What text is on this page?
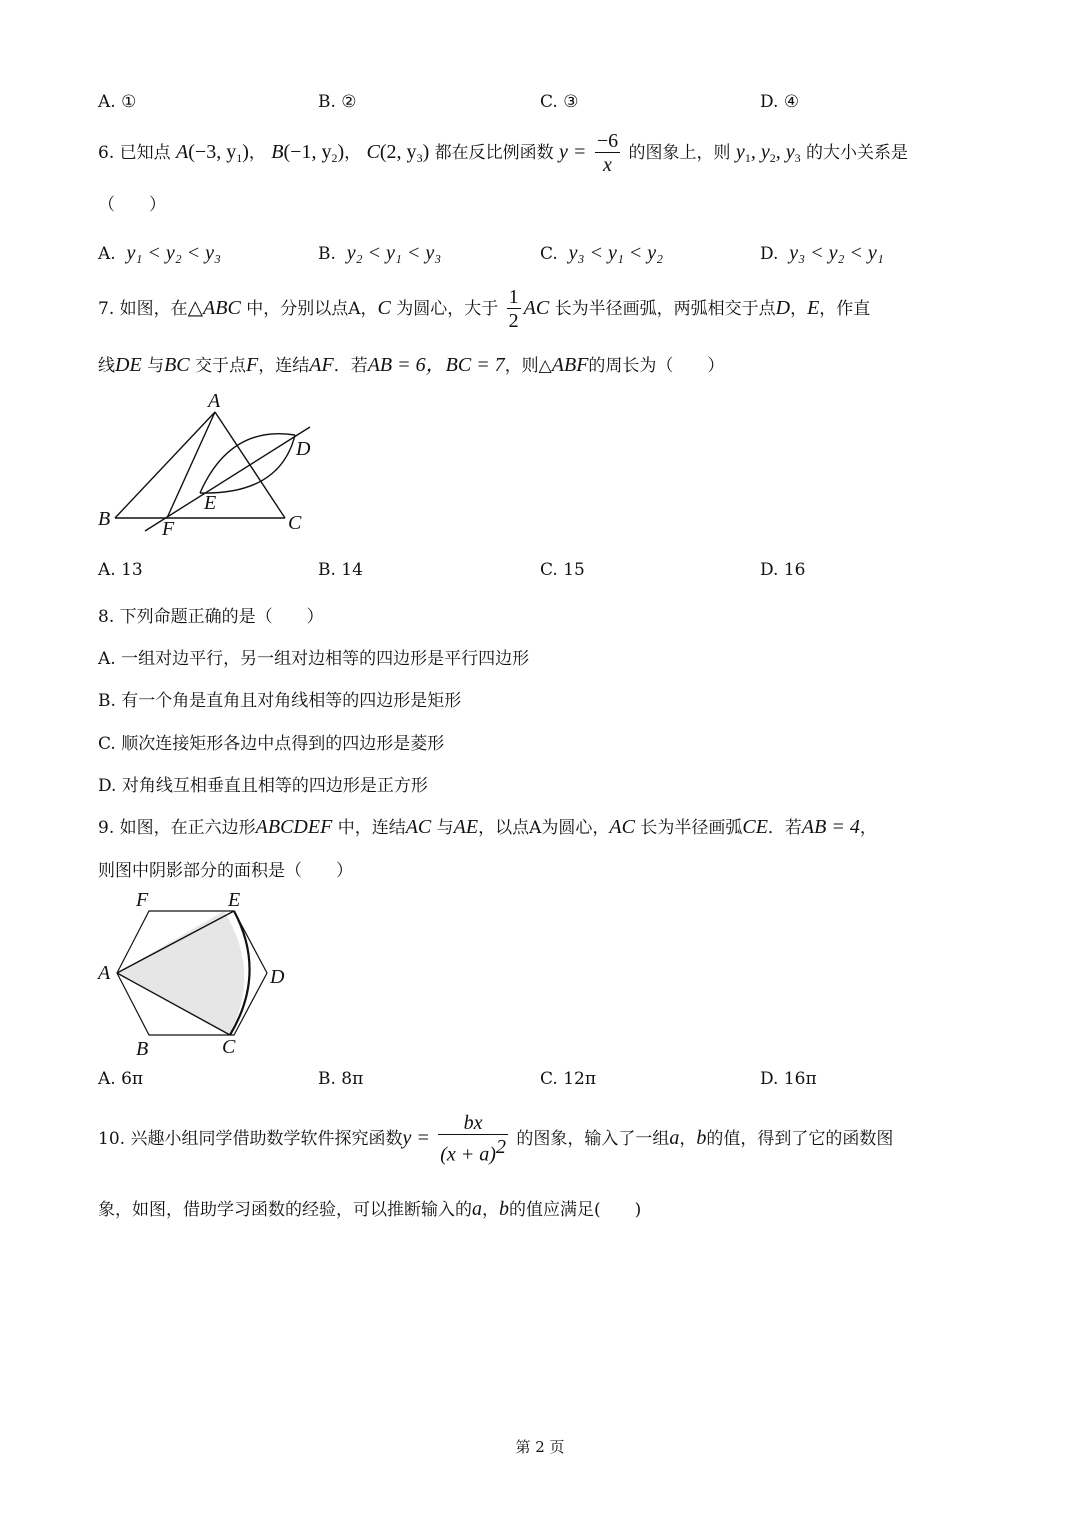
A. ①	B. ②	C. ③	D. ④
6. 已知点 A(−3, $y_1$)， B(−1, $y_2$)， C(2, $y_3$) 都在反比例函数 $y = \frac{-6}{x}$ 的图象上，则 $y_1$, $y_2$, $y_3$ 的大小关系是
（　　）
A. y₁ < y₂ < y₃	B. y₂ < y₁ < y₃	C. y₃ < y₁ < y₂	D. y₃ < y₂ < y₁
7. 如图，在△ABC 中，分别以点A，C 为圆心，大于 $\frac{1}{2}$ AC 长为半径画弧，两弧相交于点D，E，作直
线DE 与BC 交于点F，连结AF．若AB = 6，BC = 7，则△ABF的周长为（　　）
A
B	C
D
E
F
A. 13	B. 14	C. 15	D. 16
8. 下列命题正确的是（　　）
A. 一组对边平行，另一组对边相等的四边形是平行四边形
B. 有一个角是直角且对角线相等的四边形是矩形
C. 顺次连接矩形各边中点得到的四边形是菱形
D. 对角线互相垂直且相等的四边形是正方形
9. 如图，在正六边形ABCDEF 中，连结AC 与AE，以点A为圆心，AC 长为半径画弧CE．若AB = 4，
则图中阴影部分的面积是（　　）
F	E
A	D
B	C
A. 6π	B. 8π	C. 12π	D. 16π
10. 兴趣小组同学借助数学软件探究函数$y = \frac{bx}{(x + a)^2}$ 的图象，输入了一组a，b的值，得到了它的函数图
象，如图，借助学习函数的经验，可以推断输入的a，b的值应满足(　　)
第 2 页
